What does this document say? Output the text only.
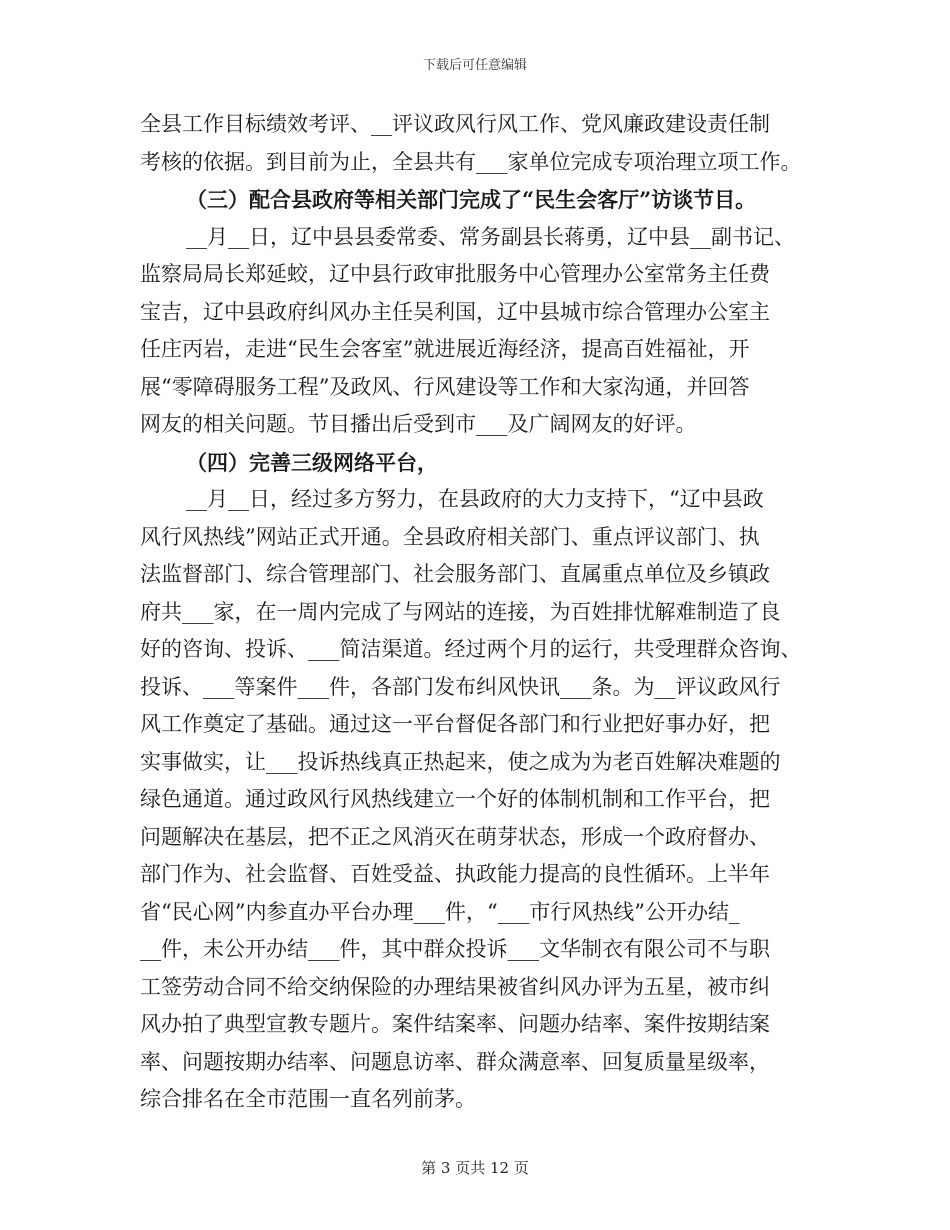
下载后可任意编辑
全县工作目标绩效考评、__评议政风行风工作、党风廉政建设责任制
考核的依据。到目前为止，全县共有___家单位完成专项治理立项工作。
（三）配合县政府等相关部门完成了“民生会客厅”访谈节目。
__月__日，辽中县县委常委、常务副县长蒋勇，辽中县__副书记、
监察局局长郑延蛟，辽中县行政审批服务中心管理办公室常务主任费
宝吉，辽中县政府纠风办主任吴利国，辽中县城市综合管理办公室主
任庄丙岩，走进“民生会客室”就进展近海经济，提高百姓福祉，开
展“零障碍服务工程”及政风、行风建设等工作和大家沟通，并回答
网友的相关问题。节目播出后受到市___及广阔网友的好评。
（四）完善三级网络平台，
__月__日，经过多方努力，在县政府的大力支持下，“辽中县政
风行风热线”网站正式开通。全县政府相关部门、重点评议部门、执
法监督部门、综合管理部门、社会服务部门、直属重点单位及乡镇政
府共___家，在一周内完成了与网站的连接，为百姓排忧解难制造了良
好的咨询、投诉、___简洁渠道。经过两个月的运行，共受理群众咨询、
投诉、___等案件___件，各部门发布纠风快讯___条。为__评议政风行
风工作奠定了基础。通过这一平台督促各部门和行业把好事办好，把
实事做实，让___投诉热线真正热起来，使之成为为老百姓解决难题的
绿色通道。通过政风行风热线建立一个好的体制机制和工作平台，把
问题解决在基层，把不正之风消灭在萌芽状态，形成一个政府督办、
部门作为、社会监督、百姓受益、执政能力提高的良性循环。上半年
省“民心网”内参直办平台办理___件，“___市行风热线”公开办结_
__件，未公开办结___件，其中群众投诉___文华制衣有限公司不与职
工签劳动合同不给交纳保险的办理结果被省纠风办评为五星，被市纠
风办拍了典型宣教专题片。案件结案率、问题办结率、案件按期结案
率、问题按期办结率、问题息访率、群众满意率、回复质量星级率，
综合排名在全市范围一直名列前茅。
第 3 页共 12 页
